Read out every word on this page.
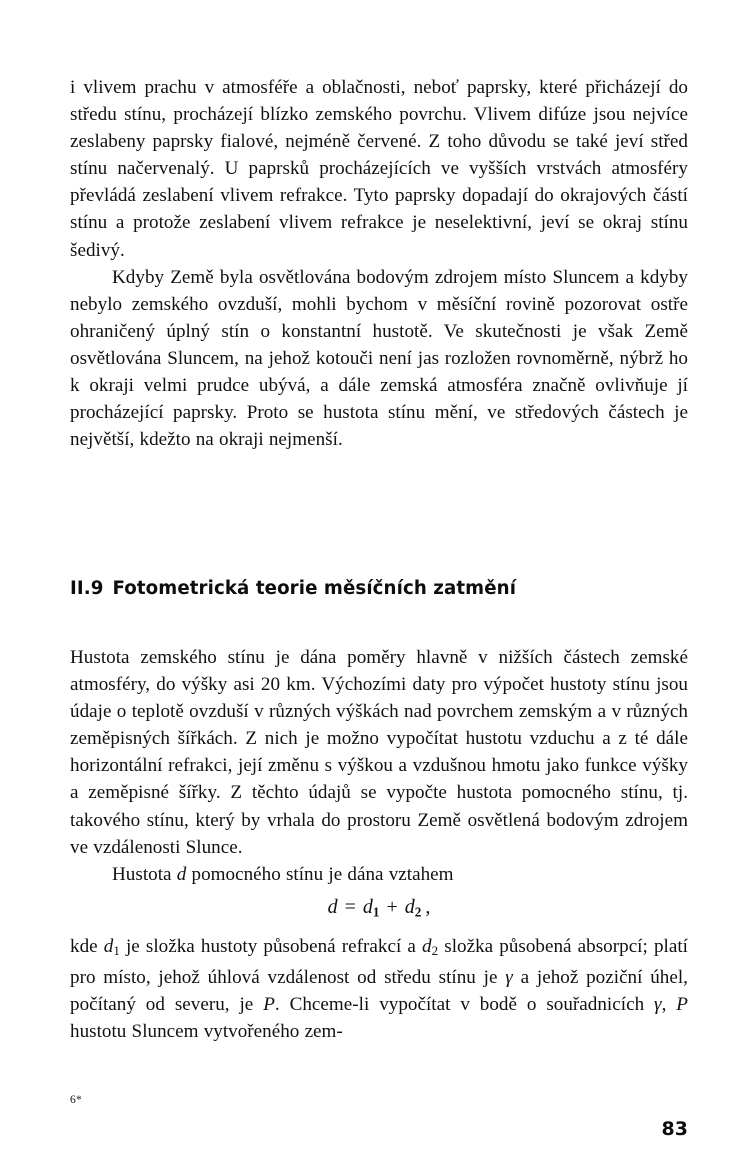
i vlivem prachu v atmosféře a oblačnosti, neboť paprsky, které přicházejí do středu stínu, procházejí blízko zemského povrchu. Vlivem difúze jsou nejvíce zeslabeny paprsky fialové, nejméně červené. Z toho důvodu se také jeví střed stínu načervenalý. U paprsků procházejících ve vyšších vrstvách atmosféry převládá zeslabení vlivem refrakce. Tyto paprsky dopadají do okrajových částí stínu a protože zeslabení vlivem refrakce je neselektivní, jeví se okraj stínu šedivý.

Kdyby Země byla osvětlována bodovým zdrojem místo Sluncem a kdyby nebylo zemského ovzduší, mohli bychom v měsíční rovině pozorovat ostře ohraničený úplný stín o konstantní hustotě. Ve skutečnosti je však Země osvětlována Sluncem, na jehož kotouči není jas rozložen rovnoměrně, nýbrž ho k okraji velmi prudce ubývá, a dále zemská atmosféra značně ovlivňuje jí procházející paprsky. Proto se hustota stínu mění, ve středových částech je největší, kdežto na okraji nejmenší.

II.9 Fotometrická teorie měsíčních zatmění

Hustota zemského stínu je dána poměry hlavně v nižších částech zemské atmosféry, do výšky asi 20 km. Výchozími daty pro výpočet hustoty stínu jsou údaje o teplotě ovzduší v různých výškách nad povrchem zemským a v různých zeměpisných šířkách. Z nich je možno vypočítat hustotu vzduchu a z té dále horizontální refrakci, její změnu s výškou a vzdušnou hmotu jako funkce výšky a zeměpisné šířky. Z těchto údajů se vypočte hustota pomocného stínu, tj. takového stínu, který by vrhala do prostoru Země osvětlená bodovým zdrojem ve vzdálenosti Slunce.

Hustota d pomocného stínu je dána vztahem

$d = d_1 + d_2$ ,

kde $d_1$ je složka hustoty působená refrakcí a $d_2$ složka působená absorpcí; platí pro místo, jehož úhlová vzdálenost od středu stínu je γ a jehož poziční úhel, počítaný od severu, je P. Chceme-li vypočítat v bodě o souřadnicích γ, P hustotu Sluncem vytvořeného zem-

6*
83
